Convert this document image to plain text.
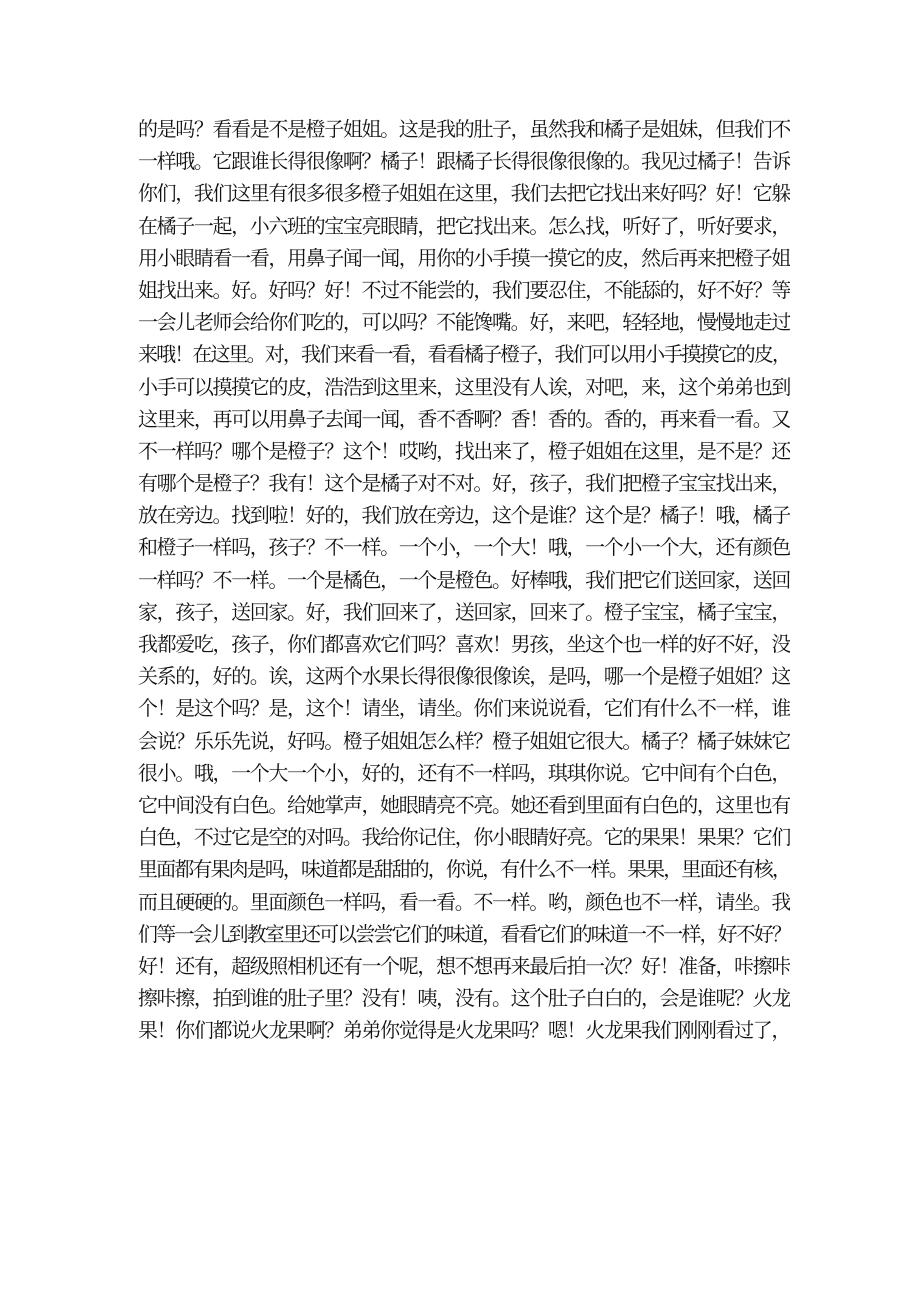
的是吗？看看是不是橙子姐姐。这是我的肚子，虽然我和橘子是姐妹，但我们不
一样哦。它跟谁长得很像啊？橘子！跟橘子长得很像很像的。我见过橘子！告诉
你们，我们这里有很多很多橙子姐姐在这里，我们去把它找出来好吗？好！它躲
在橘子一起，小六班的宝宝亮眼睛，把它找出来。怎么找，听好了，听好要求，
用小眼睛看一看，用鼻子闻一闻，用你的小手摸一摸它的皮，然后再来把橙子姐
姐找出来。好。好吗？好！不过不能尝的，我们要忍住，不能舔的，好不好？等
一会儿老师会给你们吃的，可以吗？不能馋嘴。好，来吧，轻轻地，慢慢地走过
来哦！在这里。对，我们来看一看，看看橘子橙子，我们可以用小手摸摸它的皮，
小手可以摸摸它的皮，浩浩到这里来，这里没有人诶，对吧，来，这个弟弟也到
这里来，再可以用鼻子去闻一闻，香不香啊？香！香的。香的，再来看一看。又
不一样吗？哪个是橙子？这个！哎哟，找出来了，橙子姐姐在这里，是不是？还
有哪个是橙子？我有！这个是橘子对不对。好，孩子，我们把橙子宝宝找出来，
放在旁边。找到啦！好的，我们放在旁边，这个是谁？这个是？橘子！哦，橘子
和橙子一样吗，孩子？不一样。一个小，一个大！哦，一个小一个大，还有颜色
一样吗？不一样。一个是橘色，一个是橙色。好棒哦，我们把它们送回家，送回
家，孩子，送回家。好，我们回来了，送回家，回来了。橙子宝宝，橘子宝宝，
我都爱吃，孩子，你们都喜欢它们吗？喜欢！男孩，坐这个也一样的好不好，没
关系的，好的。诶，这两个水果长得很像很像诶，是吗，哪一个是橙子姐姐？这
个！是这个吗？是，这个！请坐，请坐。你们来说说看，它们有什么不一样，谁
会说？乐乐先说，好吗。橙子姐姐怎么样？橙子姐姐它很大。橘子？橘子妹妹它
很小。哦，一个大一个小，好的，还有不一样吗，琪琪你说。它中间有个白色，
它中间没有白色。给她掌声，她眼睛亮不亮。她还看到里面有白色的，这里也有
白色，不过它是空的对吗。我给你记住，你小眼睛好亮。它的果果！果果？它们
里面都有果肉是吗，味道都是甜甜的，你说，有什么不一样。果果，里面还有核，
而且硬硬的。里面颜色一样吗，看一看。不一样。哟，颜色也不一样，请坐。我
们等一会儿到教室里还可以尝尝它们的味道，看看它们的味道一不一样，好不好？
好！还有，超级照相机还有一个呢，想不想再来最后拍一次？好！准备，咔擦咔
擦咔擦，拍到谁的肚子里？没有！咦，没有。这个肚子白白的，会是谁呢？火龙
果！你们都说火龙果啊？弟弟你觉得是火龙果吗？嗯！火龙果我们刚刚看过了，
